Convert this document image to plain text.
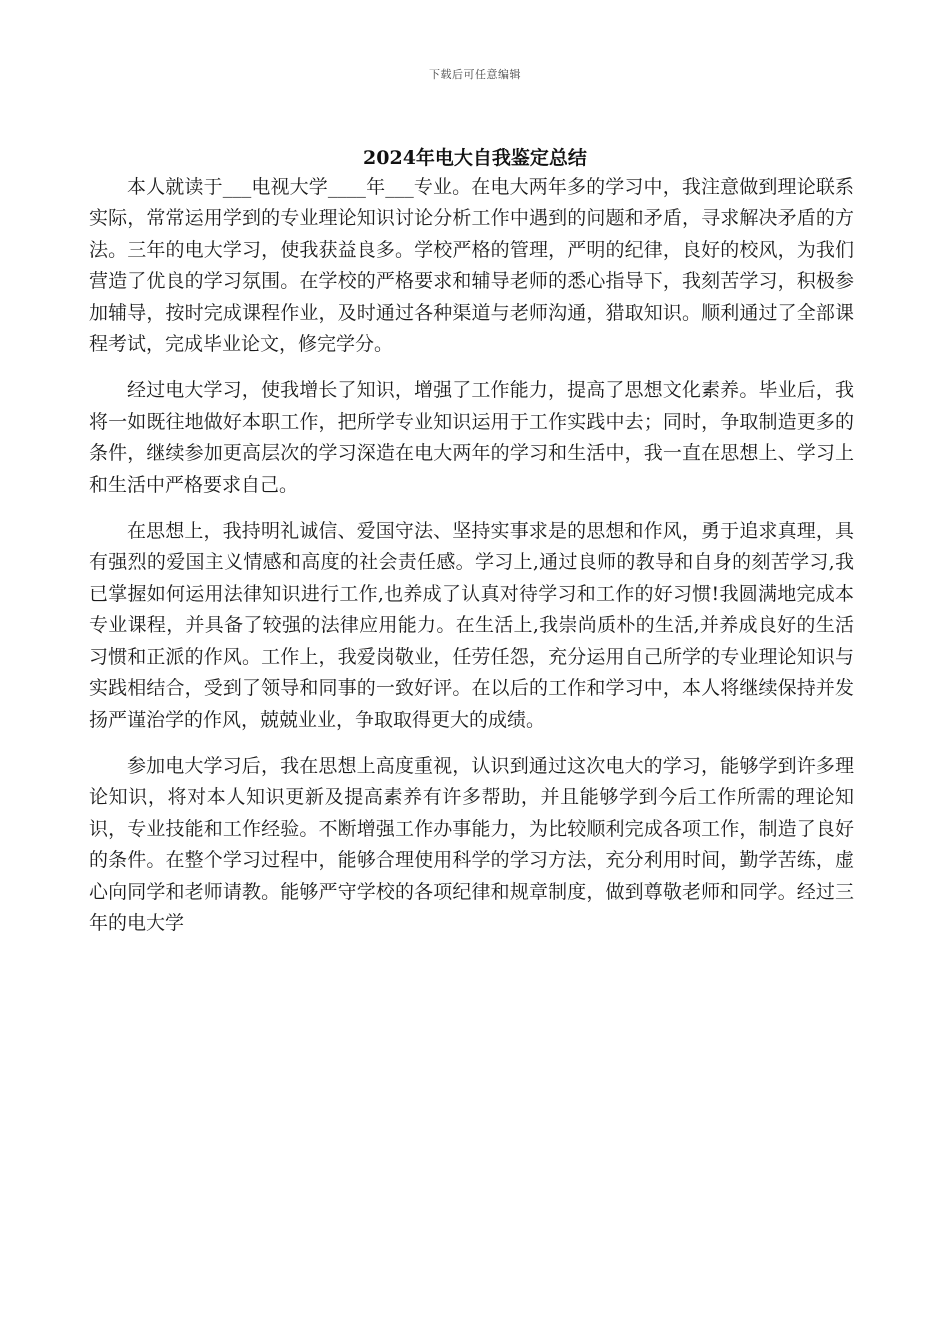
下载后可任意编辑
2024年电大自我鉴定总结

本人就读于___电视大学____年___专业。在电大两年多的学习中，我注意做到理论联系实际，常常运用学到的专业理论知识讨论分析工作中遇到的问题和矛盾，寻求解决矛盾的方法。三年的电大学习，使我获益良多。学校严格的管理，严明的纪律，良好的校风，为我们营造了优良的学习氛围。在学校的严格要求和辅导老师的悉心指导下，我刻苦学习，积极参加辅导，按时完成课程作业，及时通过各种渠道与老师沟通，猎取知识。顺利通过了全部课程考试，完成毕业论文，修完学分。

经过电大学习，使我增长了知识，增强了工作能力，提高了思想文化素养。毕业后，我将一如既往地做好本职工作，把所学专业知识运用于工作实践中去；同时，争取制造更多的条件，继续参加更高层次的学习深造在电大两年的学习和生活中，我一直在思想上、学习上和生活中严格要求自己。

在思想上，我持明礼诚信、爱国守法、坚持实事求是的思想和作风，勇于追求真理，具有强烈的爱国主义情感和高度的社会责任感。学习上,通过良师的教导和自身的刻苦学习,我已掌握如何运用法律知识进行工作,也养成了认真对待学习和工作的好习惯!我圆满地完成本专业课程，并具备了较强的法律应用能力。在生活上,我崇尚质朴的生活,并养成良好的生活习惯和正派的作风。工作上，我爱岗敬业，任劳任怨，充分运用自己所学的专业理论知识与实践相结合，受到了领导和同事的一致好评。在以后的工作和学习中，本人将继续保持并发扬严谨治学的作风，兢兢业业，争取取得更大的成绩。

参加电大学习后，我在思想上高度重视，认识到通过这次电大的学习，能够学到许多理论知识，将对本人知识更新及提高素养有许多帮助，并且能够学到今后工作所需的理论知识，专业技能和工作经验。不断增强工作办事能力，为比较顺利完成各项工作，制造了良好的条件。在整个学习过程中，能够合理使用科学的学习方法，充分利用时间，勤学苦练，虚心向同学和老师请教。能够严守学校的各项纪律和规章制度，做到尊敬老师和同学。经过三年的电大学
